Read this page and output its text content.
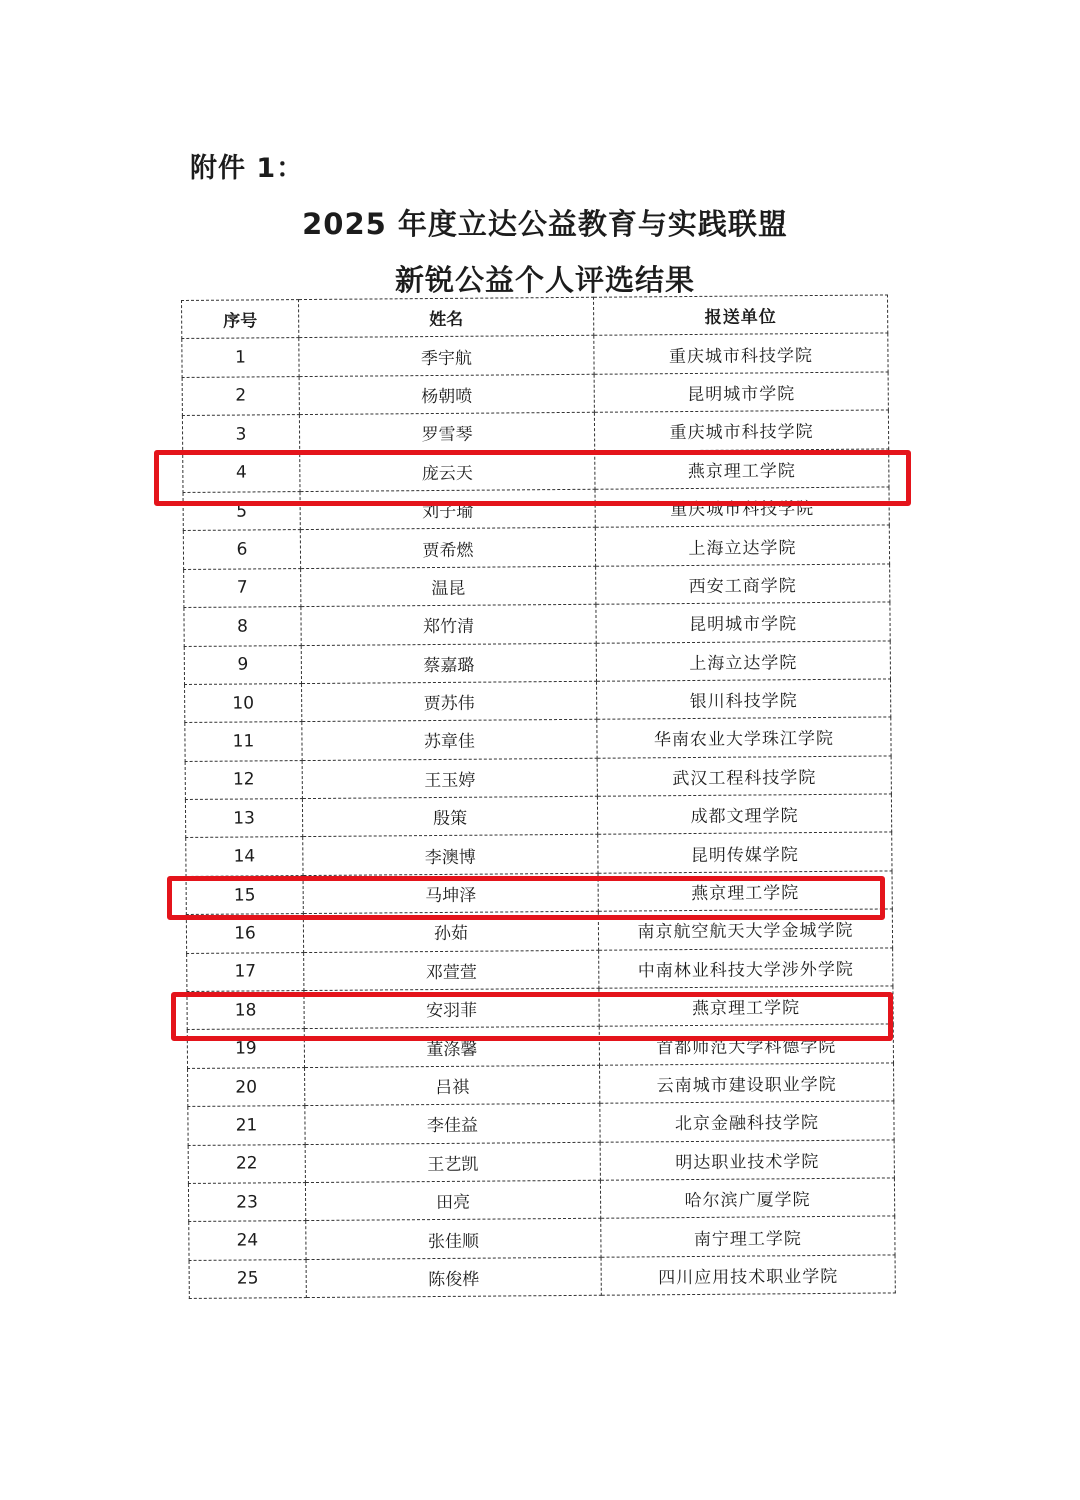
附件 1：
2025 年度立达公益教育与实践联盟
新锐公益个人评选结果
序号	姓名	报送单位
1	季宇航	重庆城市科技学院
2	杨朝喷	昆明城市学院
3	罗雪琴	重庆城市科技学院
4	庞云天	燕京理工学院
5	刘子瑜	重庆城市科技学院
6	贾希燃	上海立达学院
7	温昆	西安工商学院
8	郑竹清	昆明城市学院
9	蔡嘉璐	上海立达学院
10	贾苏伟	银川科技学院
11	苏章佳	华南农业大学珠江学院
12	王玉婷	武汉工程科技学院
13	殷策	成都文理学院
14	李澳博	昆明传媒学院
15	马坤泽	燕京理工学院
16	孙茹	南京航空航天大学金城学院
17	邓萱萱	中南林业科技大学涉外学院
18	安羽菲	燕京理工学院
19	董涤馨	首都师范大学科德学院
20	吕祺	云南城市建设职业学院
21	李佳益	北京金融科技学院
22	王艺凯	明达职业技术学院
23	田亮	哈尔滨广厦学院
24	张佳顺	南宁理工学院
25	陈俊桦	四川应用技术职业学院
